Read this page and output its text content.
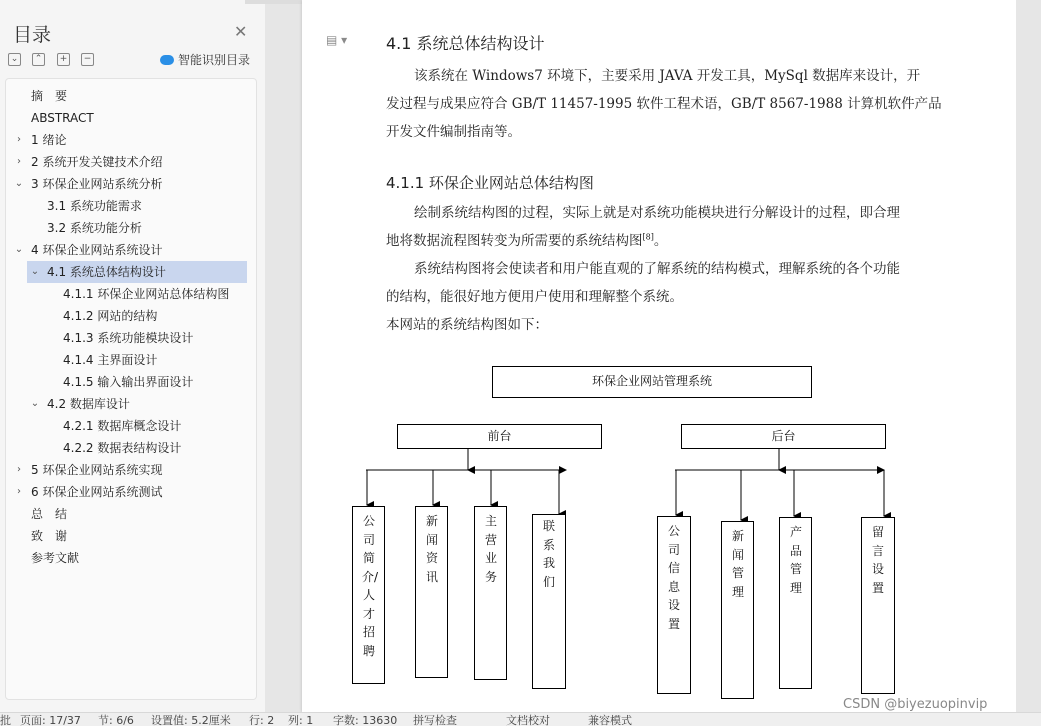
目录	✕
⌄	⌃	+	−	智能识别目录
摘　要
ABSTRACT
› 1 绪论
› 2 系统开发关键技术介绍
⌄ 3 环保企业网站系统分析
3.1 系统功能需求
3.2 系统功能分析
⌄ 4 环保企业网站系统设计
⌄ 4.1 系统总体结构设计
4.1.1 环保企业网站总体结构图
4.1.2 网站的结构
4.1.3 系统功能模块设计
4.1.4 主界面设计
4.1.5 输入输出界面设计
⌄ 4.2 数据库设计
4.2.1 数据库概念设计
4.2.2 数据表结构设计
› 5 环保企业网站系统实现
› 6 环保企业网站系统测试
总　结
致　谢
参考文献
▤ ▾ 4.1 系统总体结构设计
该系统在 Windows7 环境下，主要采用 JAVA 开发工具，MySql 数据库来设计，开
发过程与成果应符合 GB/T 11457-1995 软件工程术语，GB/T 8567-1988 计算机软件产品
开发文件编制指南等。
4.1.1 环保企业网站总体结构图
绘制系统结构图的过程，实际上就是对系统功能模块进行分解设计的过程，即合理
地将数据流程图转变为所需要的系统结构图[8]。
系统结构图将会使读者和用户能直观的了解系统的结构模式，理解系统的各个功能
的结构，能很好地方便用户使用和理解整个系统。
本网站的系统结构图如下：
环保企业网站管理系统
前台	后台
公司简介/人才招聘
新闻资讯
主营业务
联系我们
公司信息设置
新闻管理
产品管理
留言设置
CSDN @biyezuopinvip
批 页面: 17/37 节: 6/6 设置值: 5.2厘米 行: 2 列: 1 字数: 13630 拼写检查	文档校对	兼容模式
